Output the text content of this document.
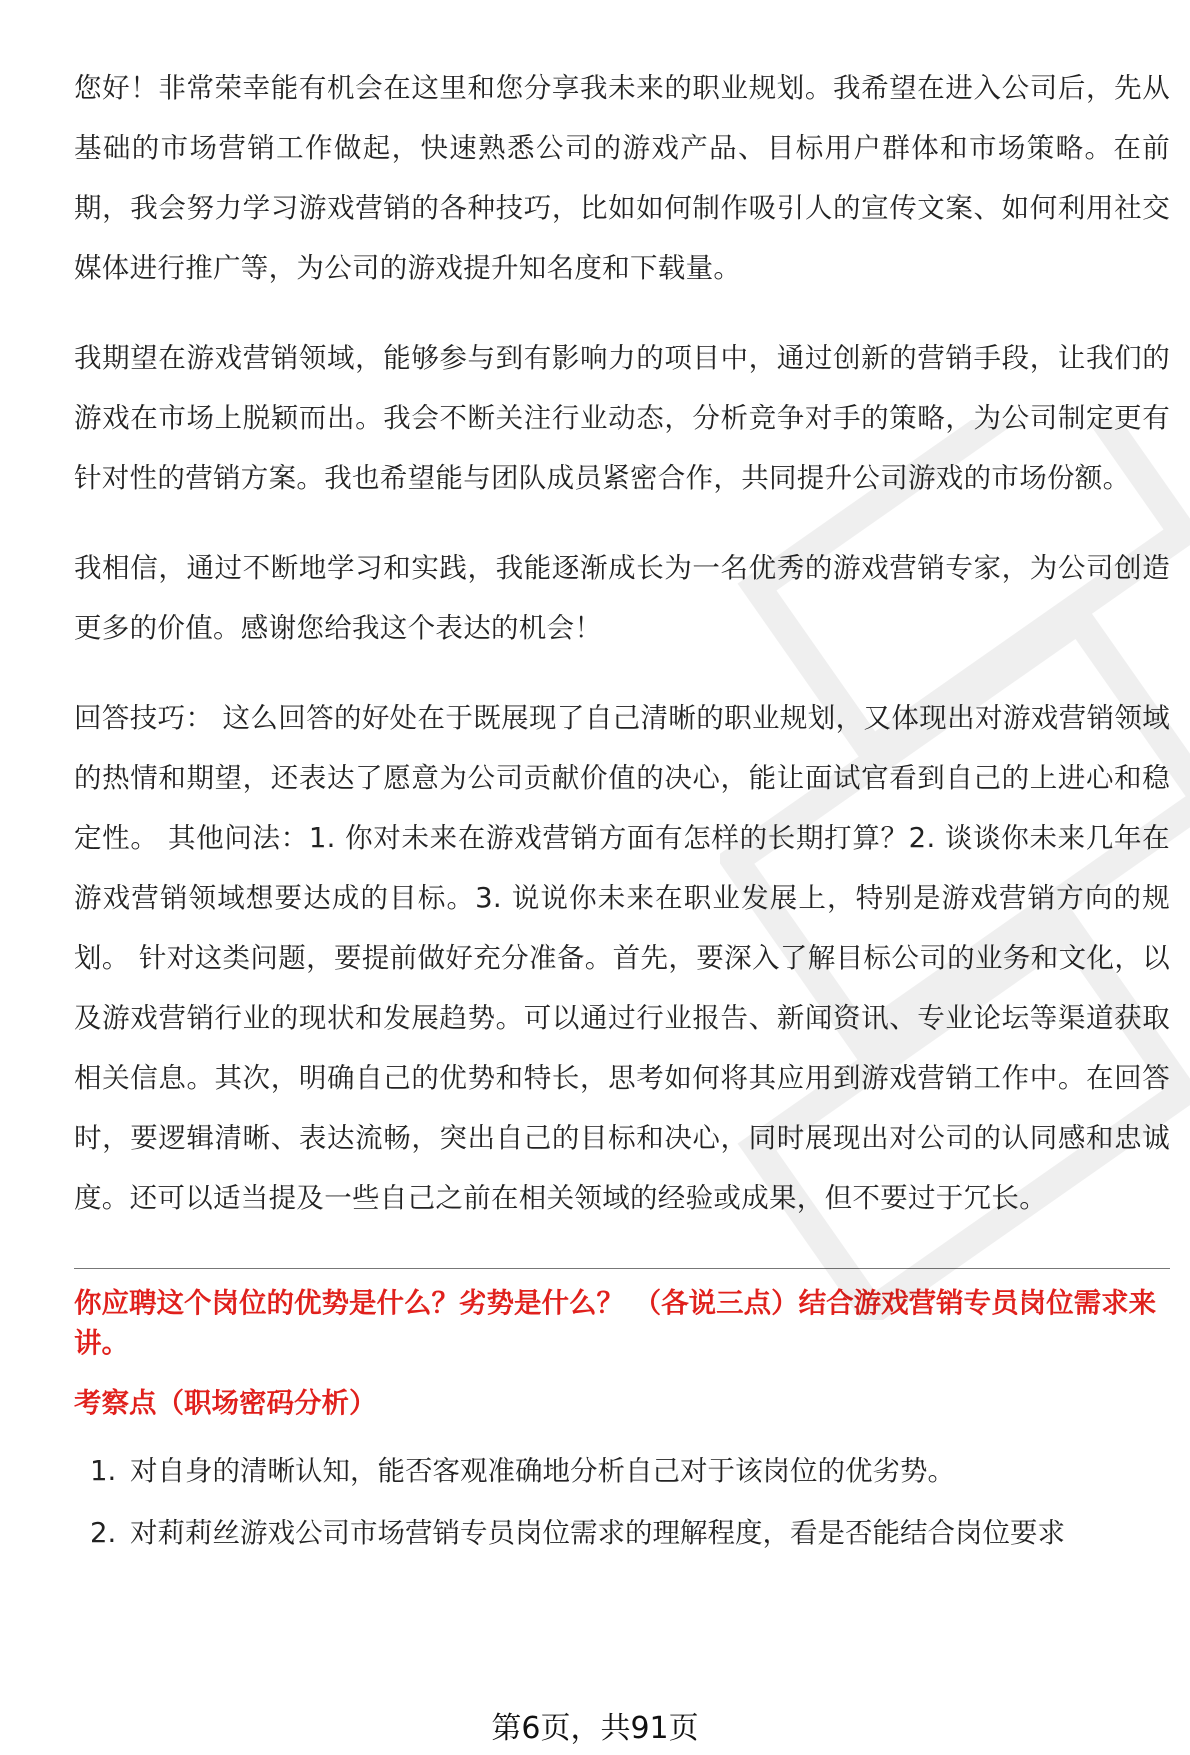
您好！非常荣幸能有机会在这里和您分享我未来的职业规划。我希望在进入公司后，先从基础的市场营销工作做起，快速熟悉公司的游戏产品、目标用户群体和市场策略。在前期，我会努力学习游戏营销的各种技巧，比如如何制作吸引人的宣传文案、如何利用社交媒体进行推广等，为公司的游戏提升知名度和下载量。

我期望在游戏营销领域，能够参与到有影响力的项目中，通过创新的营销手段，让我们的游戏在市场上脱颖而出。我会不断关注行业动态，分析竞争对手的策略，为公司制定更有针对性的营销方案。我也希望能与团队成员紧密合作，共同提升公司游戏的市场份额。

我相信，通过不断地学习和实践，我能逐渐成长为一名优秀的游戏营销专家，为公司创造更多的价值。感谢您给我这个表达的机会！

回答技巧： 这么回答的好处在于既展现了自己清晰的职业规划，又体现出对游戏营销领域的热情和期望，还表达了愿意为公司贡献价值的决心，能让面试官看到自己的上进心和稳定性。 其他问法：1. 你对未来在游戏营销方面有怎样的长期打算？2. 谈谈你未来几年在游戏营销领域想要达成的目标。3. 说说你未来在职业发展上，特别是游戏营销方向的规划。 针对这类问题，要提前做好充分准备。首先，要深入了解目标公司的业务和文化，以及游戏营销行业的现状和发展趋势。可以通过行业报告、新闻资讯、专业论坛等渠道获取相关信息。其次，明确自己的优势和特长，思考如何将其应用到游戏营销工作中。在回答时，要逻辑清晰、表达流畅，突出自己的目标和决心，同时展现出对公司的认同感和忠诚度。还可以适当提及一些自己之前在相关领域的经验或成果，但不要过于冗长。

你应聘这个岗位的优势是什么？劣势是什么？ （各说三点）结合游戏营销专员岗位需求来讲。
考察点（职场密码分析）
1. 对自身的清晰认知，能否客观准确地分析自己对于该岗位的优劣势。
2. 对莉莉丝游戏公司市场营销专员岗位需求的理解程度，看是否能结合岗位要求
第6页，共91页
